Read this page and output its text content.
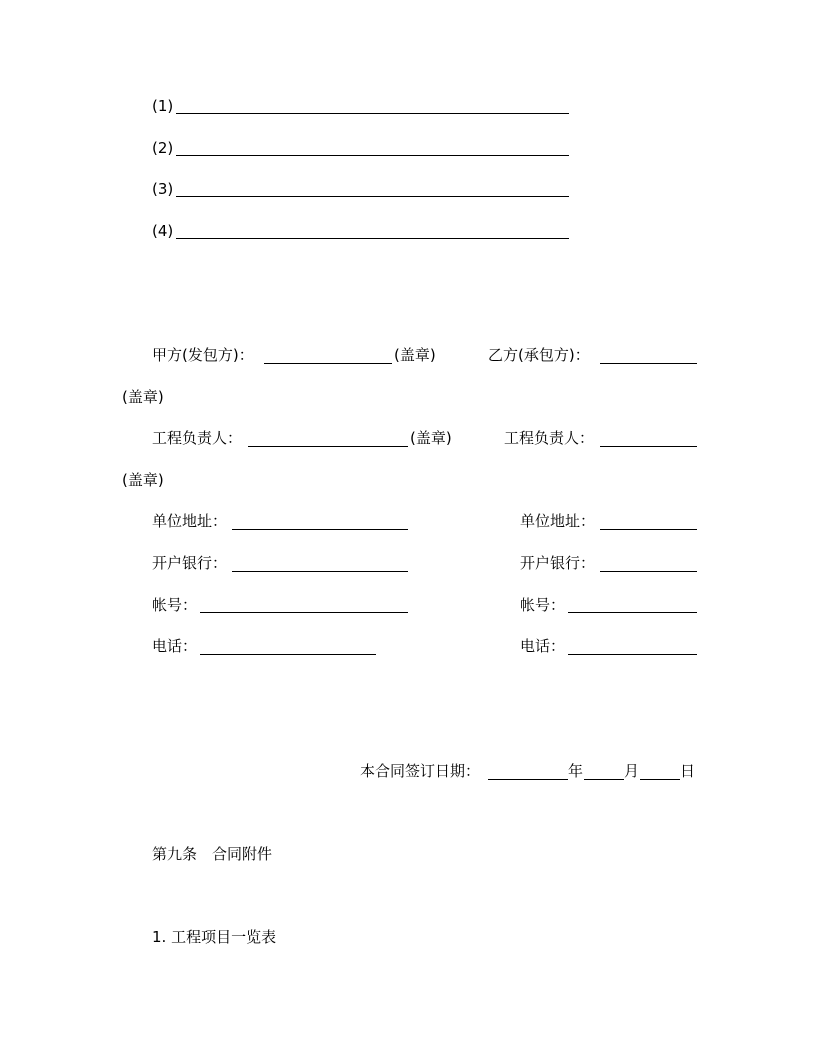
(1)
(2)
(3)
(4)
甲方(发包方)：	(盖章)	乙方(承包方)：
(盖章)
工程负责人：	(盖章)	工程负责人：
(盖章)
单位地址：	单位地址：
开户银行：	开户银行：
帐号：	帐号：
电话：	电话：
本合同签订日期：	年	月	日
第九条　合同附件
1. 工程项目一览表
